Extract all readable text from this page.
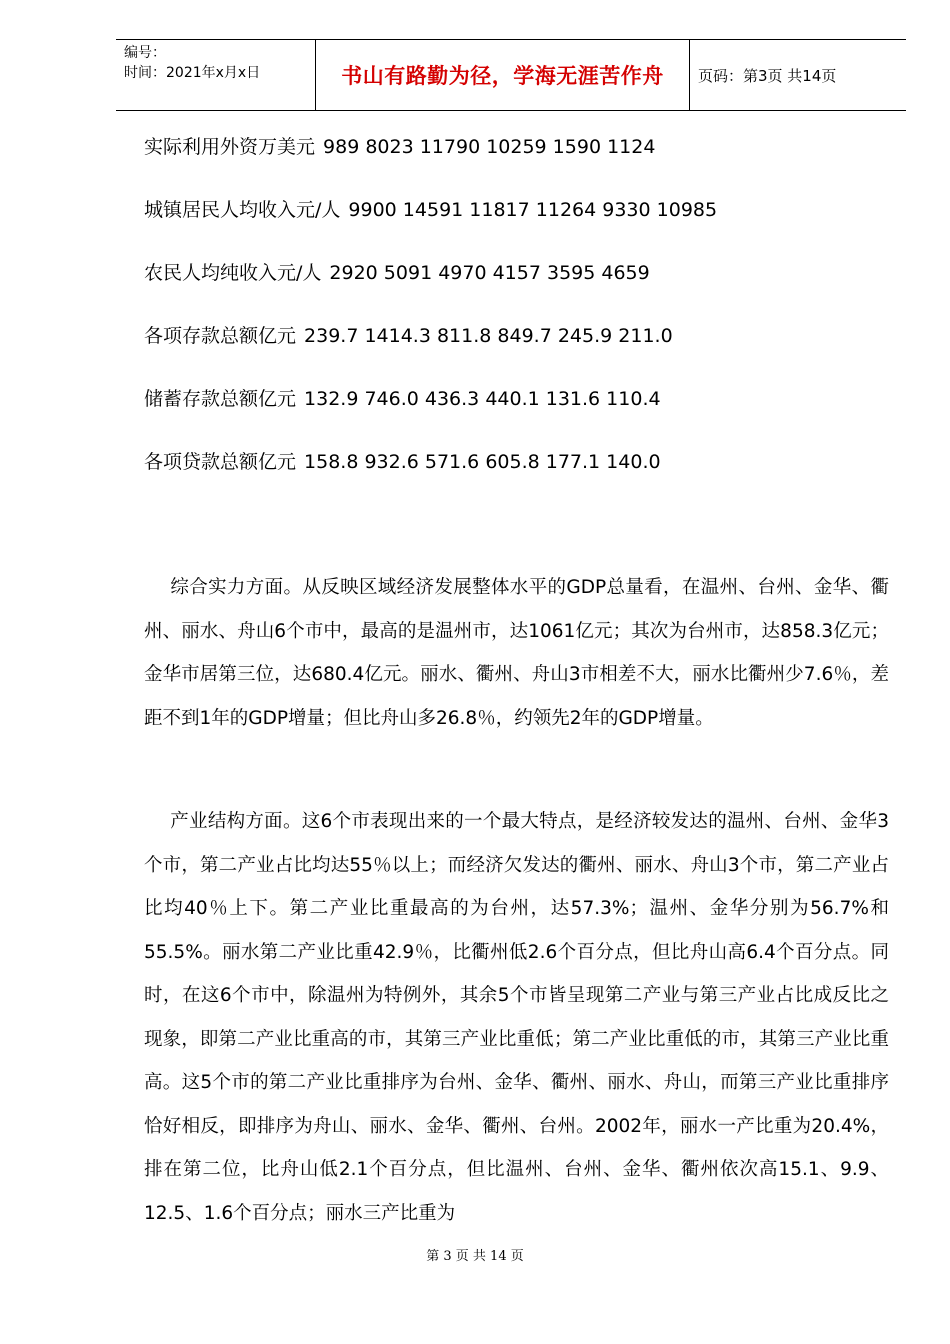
编号：
时间：2021年x月x日	书山有路勤为径，学海无涯苦作舟 页码：第3页 共14页
实际利用外资万美元 989 8023 11790 10259 1590 1124
城镇居民人均收入元/人 9900 14591 11817 11264 9330 10985
农民人均纯收入元/人 2920 5091 4970 4157 3595 4659
各项存款总额亿元 239.7 1414.3 811.8 849.7 245.9 211.0
储蓄存款总额亿元 132.9 746.0 436.3 440.1 131.6 110.4
各项贷款总额亿元 158.8 932.6 571.6 605.8 177.1 140.0
综合实力方面。从反映区域经济发展整体水平的GDP总量看，在温州、台州、金华、衢州、丽水、舟山6个市中，最高的是温州市，达1061亿元；其次为台州市，达858.3亿元；金华市居第三位，达680.4亿元。丽水、衢州、舟山3市相差不大，丽水比衢州少7.6％，差距不到1年的GDP增量；但比舟山多26.8％，约领先2年的GDP增量。
产业结构方面。这6个市表现出来的一个最大特点，是经济较发达的温州、台州、金华3个市，第二产业占比均达55％以上；而经济欠发达的衢州、丽水、舟山3个市，第二产业占比均40％上下。第二产业比重最高的为台州，达57.3%；温州、金华分别为56.7%和55.5%。丽水第二产业比重42.9％，比衢州低2.6个百分点，但比舟山高6.4个百分点。同时，在这6个市中，除温州为特例外，其余5个市皆呈现第二产业与第三产业占比成反比之现象，即第二产业比重高的市，其第三产业比重低；第二产业比重低的市，其第三产业比重高。这5个市的第二产业比重排序为台州、金华、衢州、丽水、舟山，而第三产业比重排序恰好相反，即排序为舟山、丽水、金华、衢州、台州。2002年，丽水一产比重为20.4%，排在第二位，比舟山低2.1个百分点，但比温州、台州、金华、衢州依次高15.1、9.9、12.5、1.6个百分点；丽水三产比重为
第 3 页 共 14 页
